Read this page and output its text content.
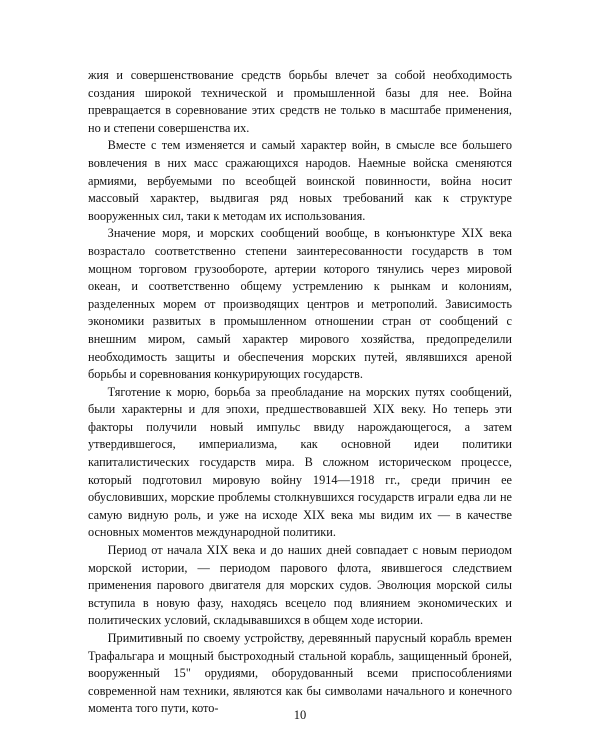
жия и совершенствование средств борьбы влечет за собой необходимость создания широкой технической и промышленной базы для нее. Война превращается в соревнование этих средств не только в масштабе применения, но и степени совершенства их.

Вместе с тем изменяется и самый характер войн, в смысле все большего вовлечения в них масс сражающихся народов. Наемные войска сменяются армиями, вербуемыми по всеобщей воинской повинности, война носит массовый характер, выдвигая ряд новых требований как к структуре вооруженных сил, таки к методам их использования.

Значение моря, и морских сообщений вообще, в конъюнктуре XIX века возрастало соответственно степени заинтересованности государств в том мощном торговом грузообороте, артерии которого тянулись через мировой океан, и соответственно общему устремлению к рынкам и колониям, разделенных морем от производящих центров и метрополий. Зависимость экономики развитых в промышленном отношении стран от сообщений с внешним миром, самый характер мирового хозяйства, предопределили необходимость защиты и обеспечения морских путей, являвшихся ареной борьбы и соревнования конкурирующих государств.

Тяготение к морю, борьба за преобладание на морских путях сообщений, были характерны и для эпохи, предшествовавшей XIX веку. Но теперь эти факторы получили новый импульс ввиду нарождающегося, а затем утвердившегося, империализма, как основной идеи политики капиталистических государств мира. В сложном историческом процессе, который подготовил мировую войну 1914—1918 гг., среди причин ее обусловивших, морские проблемы столкнувшихся государств играли едва ли не самую видную роль, и уже на исходе XIX века мы видим их — в качестве основных моментов международной политики.

Период от начала XIX века и до наших дней совпадает с новым периодом морской истории, — периодом парового флота, явившегося следствием применения парового двигателя для морских судов. Эволюция морской силы вступила в новую фазу, находясь всецело под влиянием экономических и политических условий, складывавшихся в общем ходе истории.

Примитивный по своему устройству, деревянный парусный корабль времен Трафальгара и мощный быстроходный стальной корабль, защищенный броней, вооруженный 15" орудиями, оборудованный всеми приспособлениями современной нам техники, являются как бы символами начального и конечного момента того пути, кото-	10
